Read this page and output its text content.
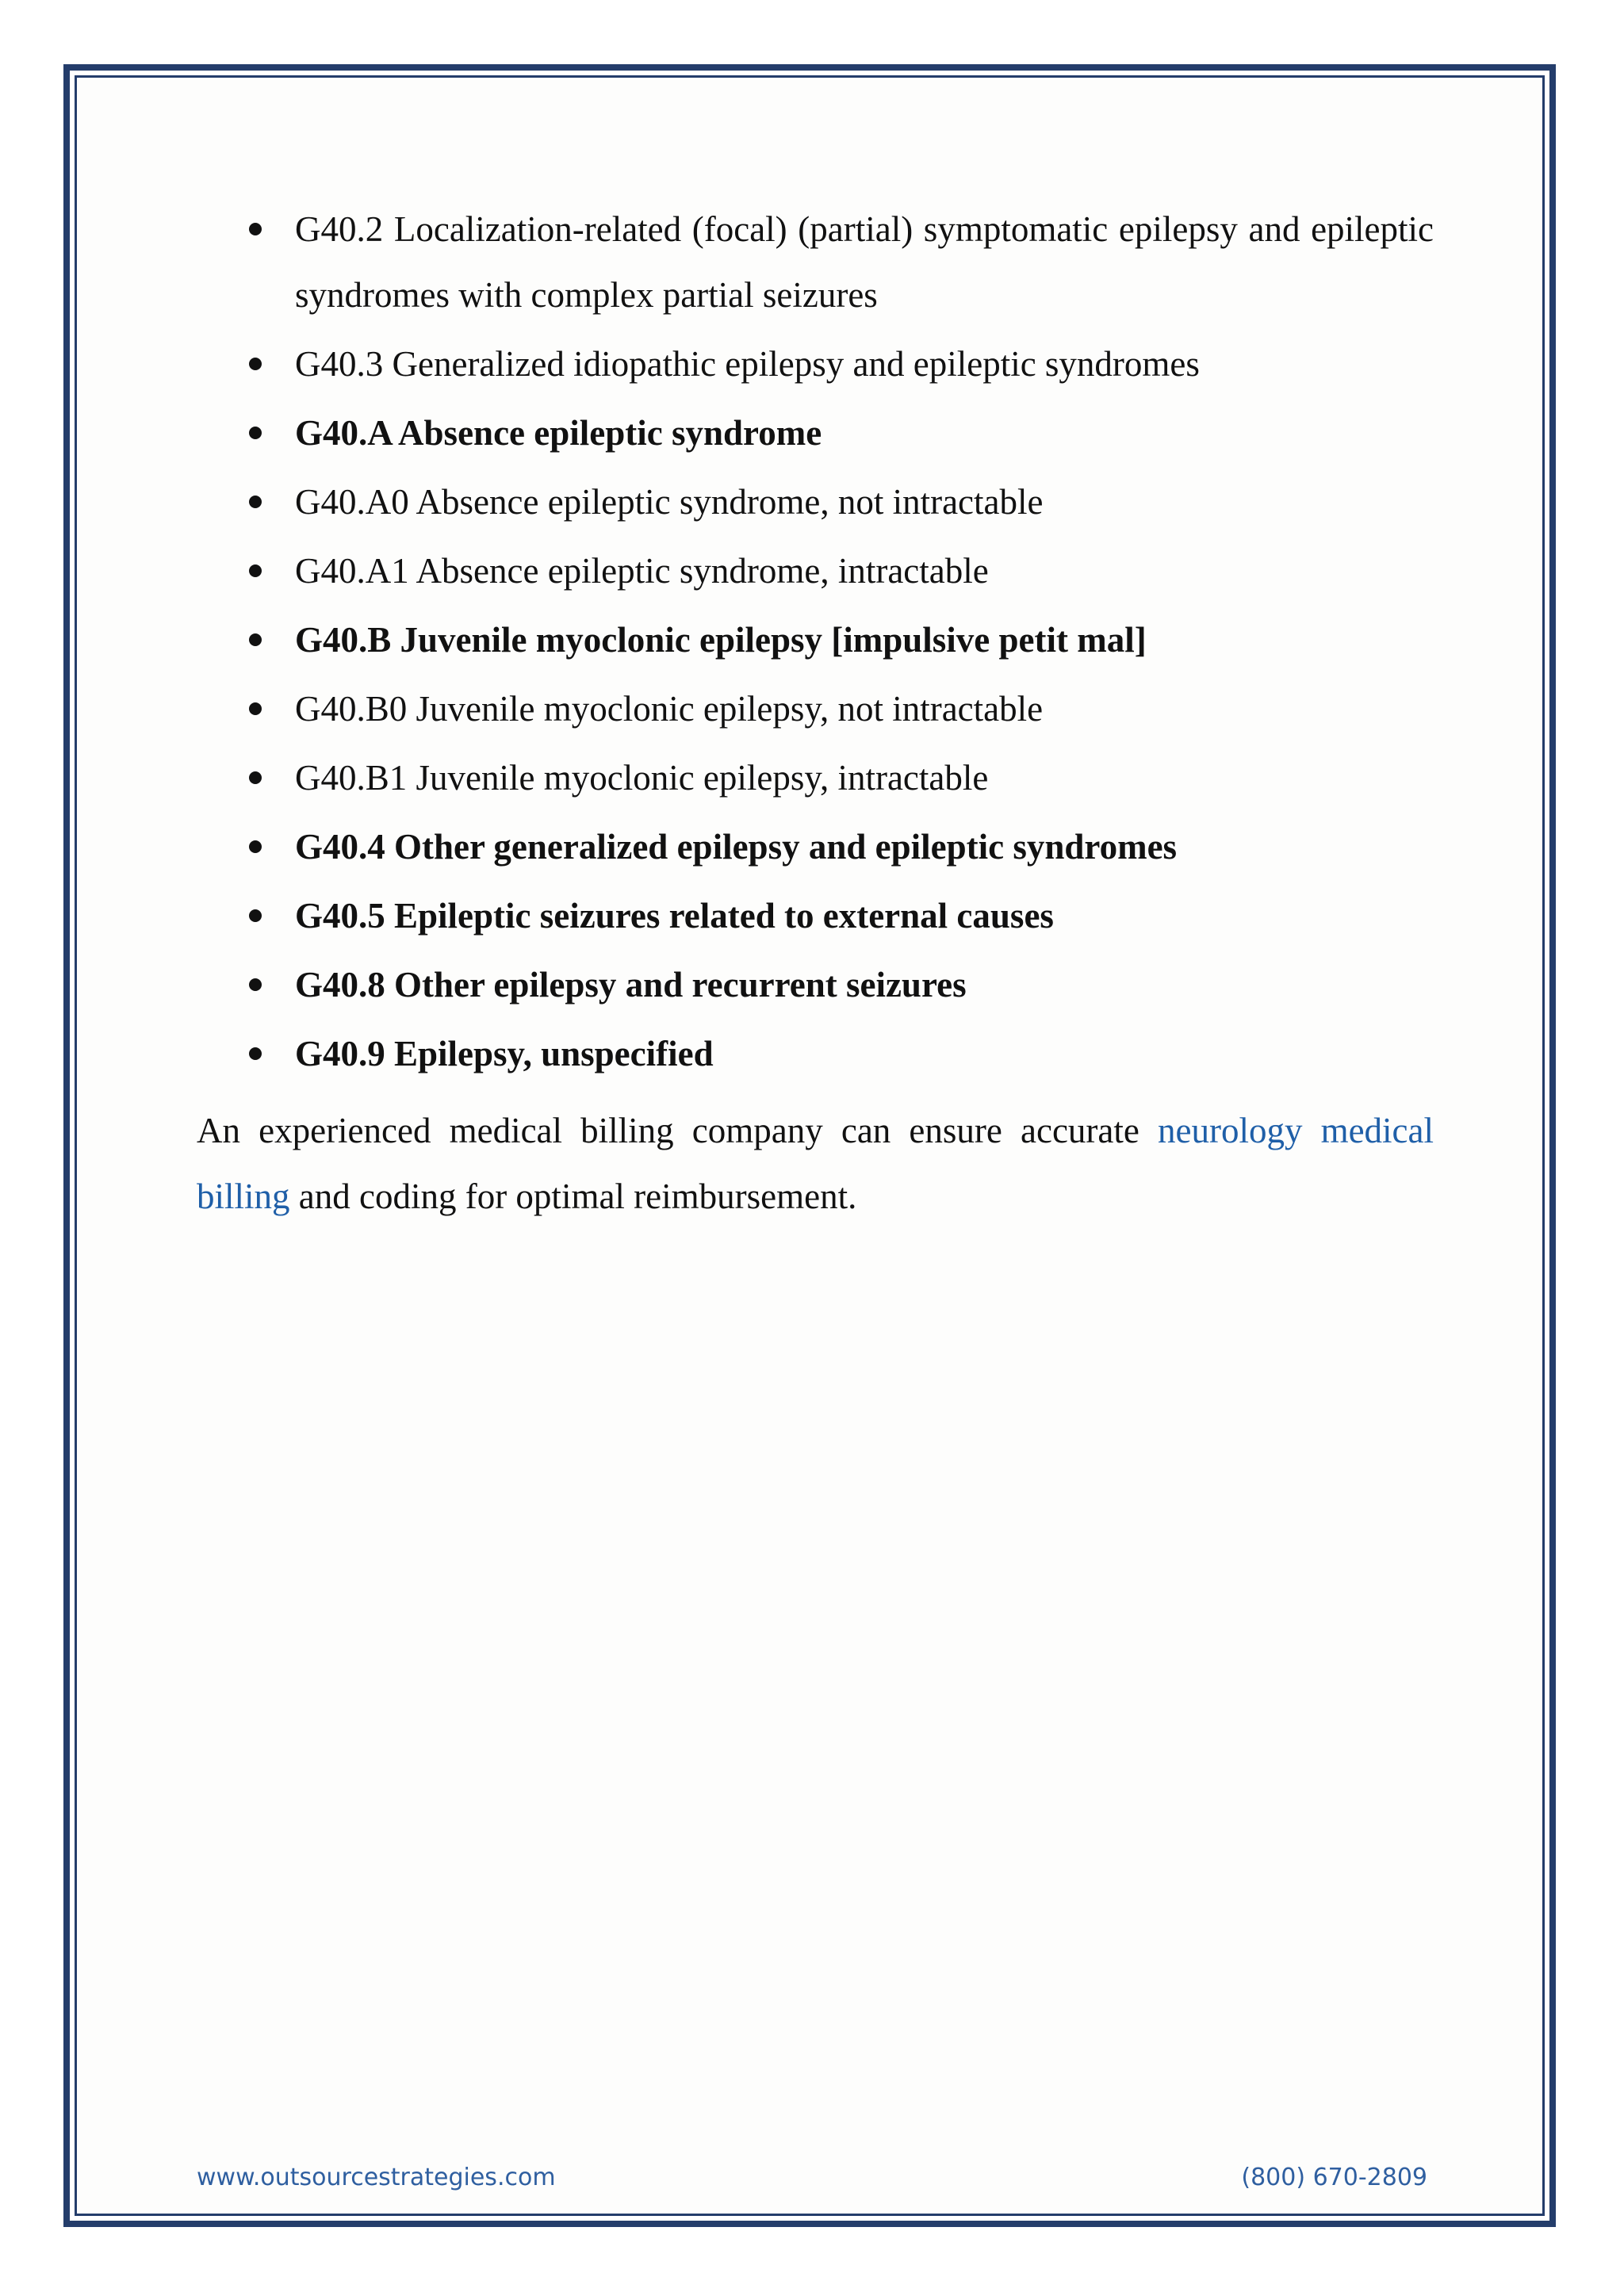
G40.2 Localization-related (focal) (partial) symptomatic epilepsy and epileptic syndromes with complex partial seizures
G40.3 Generalized idiopathic epilepsy and epileptic syndromes
G40.A Absence epileptic syndrome
G40.A0 Absence epileptic syndrome, not intractable
G40.A1 Absence epileptic syndrome, intractable
G40.B Juvenile myoclonic epilepsy [impulsive petit mal]
G40.B0 Juvenile myoclonic epilepsy, not intractable
G40.B1 Juvenile myoclonic epilepsy, intractable
G40.4 Other generalized epilepsy and epileptic syndromes
G40.5 Epileptic seizures related to external causes
G40.8 Other epilepsy and recurrent seizures
G40.9 Epilepsy, unspecified

An experienced medical billing company can ensure accurate neurology medical billing and coding for optimal reimbursement.

www.outsourcestrategies.com	(800) 670-2809
